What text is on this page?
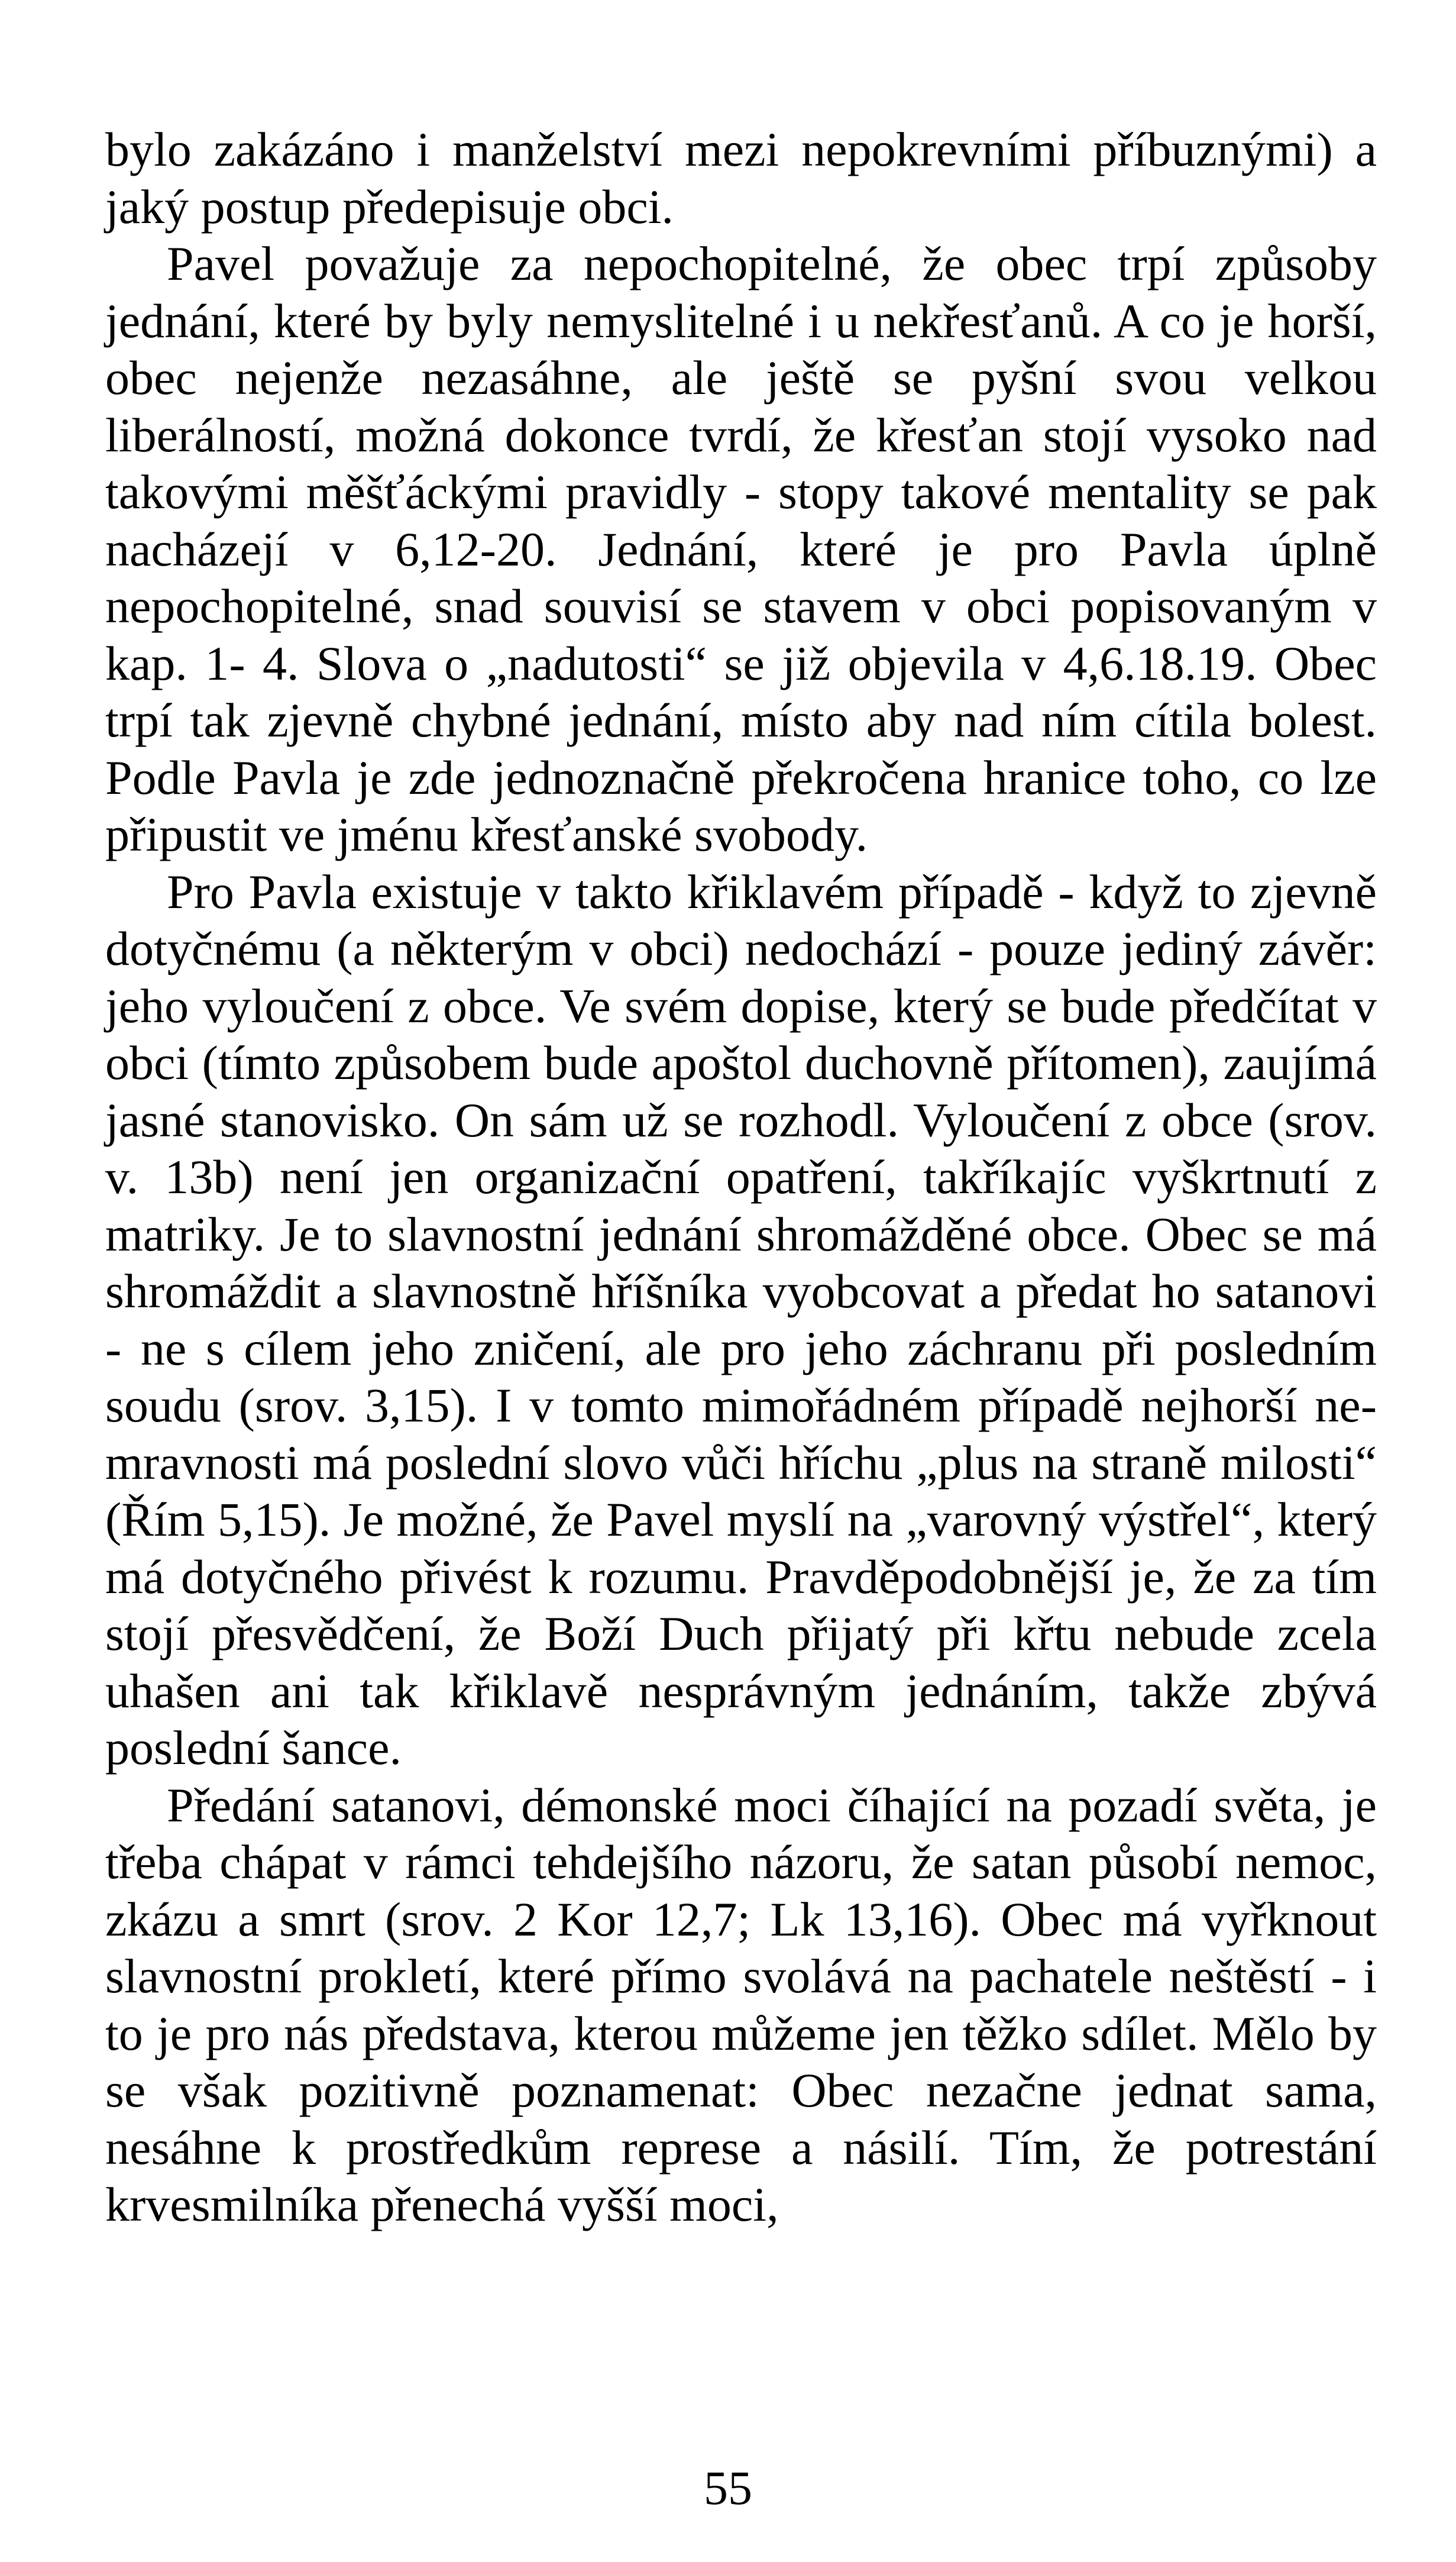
bylo zakázáno i manželství mezi nepokrevními příbuznými) a jaký postup předepisuje obci.

Pavel považuje za nepochopitelné, že obec trpí způsoby jednání, které by byly nemyslitelné i u nekřesťanů. A co je horší, obec nejenže nezasáhne, ale ještě se pyšní svou velkou liberálností, možná dokonce tvrdí, že křesťan stojí vysoko nad takovými měšťáckými pravidly - stopy takové mentality se pak nacházejí v 6,12-20. Jednání, které je pro Pavla úplně nepochopitelné, snad souvisí se stavem v obci popisovaným v kap. 1- 4. Slova o „nadutosti“ se již objevila v 4,6.18.19. Obec trpí tak zjevně chybné jednání, místo aby nad ním cítila bolest. Podle Pavla je zde jednoznačně překročena hranice toho, co lze připustit ve jménu křesťanské svobody.

Pro Pavla existuje v takto křiklavém případě - když to zjevně dotyčnému (a některým v obci) nedochází - pouze jediný závěr: jeho vyloučení z obce. Ve svém dopise, který se bude předčítat v obci (tímto způsobem bude apoštol duchovně přítomen), zaujímá jasné stanovisko. On sám už se rozhodl. Vyloučení z obce (srov. v. 13b) není jen organizační opatření, takříkajíc vyškrtnutí z matriky. Je to slavnostní jednání shromážděné obce. Obec se má shromáždit a slavnostně hříšníka vyobcovat a předat ho satanovi - ne s cílem jeho zničení, ale pro jeho záchranu při posledním soudu (srov. 3,15). I v tomto mimořádném případě nejhorší nemravnosti má poslední slovo vůči hříchu „plus na straně milosti“ (Řím 5,15). Je možné, že Pavel myslí na „varovný výstřel“, který má dotyčného přivést k rozumu. Pravděpodobnější je, že za tím stojí přesvědčení, že Boží Duch přijatý při křtu nebude zcela uhašen ani tak křiklavě nesprávným jednáním, takže zbývá poslední šance.

Předání satanovi, démonské moci číhající na pozadí světa, je třeba chápat v rámci tehdejšího názoru, že satan působí nemoc, zkázu a smrt (srov. 2 Kor 12,7; Lk 13,16). Obec má vyřknout slavnostní prokletí, které přímo svolává na pachatele neštěstí - i to je pro nás představa, kterou můžeme jen těžko sdílet. Mělo by se však pozitivně poznamenat: Obec nezačne jednat sama, nesáhne k prostředkům represe a násilí. Tím, že potrestání krvesmilníka přenechá vyšší moci,

55
